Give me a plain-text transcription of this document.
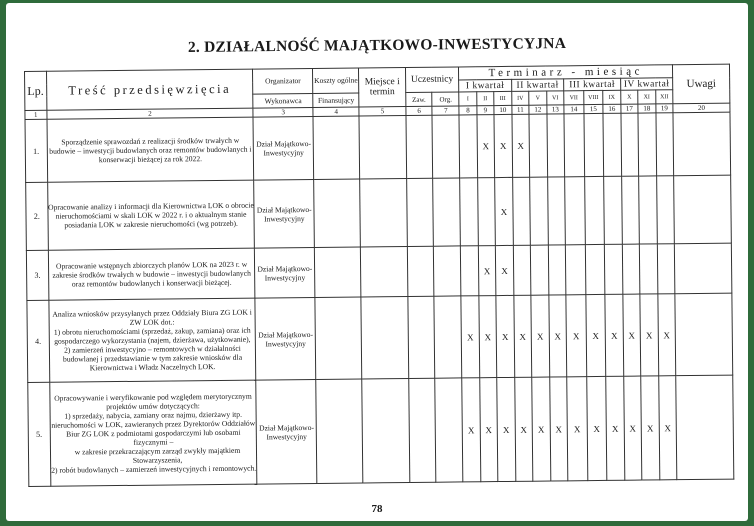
2. DZIAŁALNOŚĆ MAJĄTKOWO-INWESTYCYJNA
Lp.	Treść przedsięwzięcia	Organizator	Koszty ogólne	Miejsce i termin	Uczestnicy		Terminarz - miesiąc												Uwagi
							I kwartał			II kwartał			III kwartał			IV kwartał			
		Wykonawca	Finansujący		Zaw.	Org.	I	II	III	IV	V	VI	VII	VIII	IX	X	XI	XII	
1	2	3	4	5	6	7	8	9	10	11	12	13	14	15	16	17	18	19	20
1.	Sporządzenie sprawozdań z realizacji środków trwałych w budowie – inwestycji budowlanych oraz remontów budowlanych i konserwacji bieżącej za rok 2022.	Dział Majątkowo-Inwestycyjny						X	X	X									
2.	Opracowanie analizy i informacji dla Kierownictwa LOK o obrocie nieruchomościami w skali LOK w 2022 r. i o aktualnym stanie posiadania LOK w zakresie nieruchomości (wg potrzeb).	Dział Majątkowo-Inwestycyjny							X										
3.	Opracowanie wstępnych zbiorczych planów LOK na 2023 r. w zakresie środków trwałych w budowie – inwestycji budowlanych oraz remontów budowlanych i konserwacji bieżącej.	Dział Majątkowo-Inwestycyjny						X	X										
4.	Analiza wniosków przysyłanych przez Oddziały Biura ZG LOK i ZW LOK dot.:
1) obrotu nieruchomościami (sprzedaż, zakup, zamiana) oraz ich gospodarczego wykorzystania (najem, dzierżawa, użytkowanie),
2) zamierzeń inwestycyjno – remontowych w działalności budowlanej i przedstawianie w tym zakresie wniosków dla Kierownictwa i Władz Naczelnych LOK.	Dział Majątkowo-Inwestycyjny					X	X	X	X	X	X	X	X	X	X	X	X	
5.	Opracowywanie i weryfikowanie pod względem merytorycznym projektów umów dotyczących:
1) sprzedaży, nabycia, zamiany oraz najmu, dzierżawy itp. nieruchomości w LOK, zawieranych przez Dyrektorów Oddziałów Biur ZG LOK z podmiotami gospodarczymi lub osobami fizycznymi –
w zakresie przekraczającym zarząd zwykły majątkiem Stowarzyszenia,
2) robót budowlanych – zamierzeń inwestycyjnych i remontowych.	Dział Majątkowo-Inwestycyjny					X	X	X	X	X	X	X	X	X	X	X	X	
78
